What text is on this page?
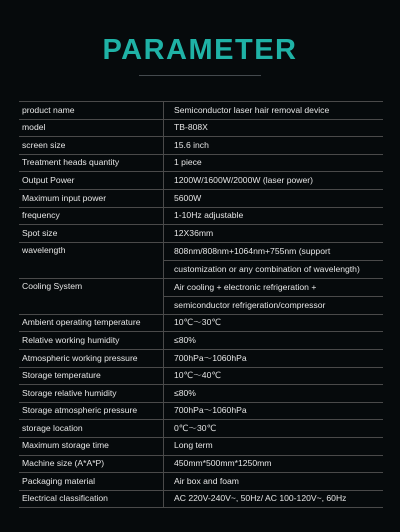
PARAMETER
product name	Semiconductor laser hair removal device
model	TB-808X
screen size	15.6 inch
Treatment heads quantity	1 piece
Output Power	1200W/1600W/2000W (laser power)
Maximum input power	5600W
frequency	1-10Hz adjustable
Spot size	12X36mm
wavelength	808nm/808nm+1064nm+755nm (support
	customization or any combination of wavelength)
Cooling System	Air cooling + electronic refrigeration +
	semiconductor refrigeration/compressor
Ambient operating temperature	10℃～30℃
Relative working humidity	≤80%
Atmospheric working pressure	700hPa～1060hPa
Storage temperature	10℃～40℃
Storage relative humidity	≤80%
Storage atmospheric pressure	700hPa～1060hPa
storage location	0℃～30℃
Maximum storage time	Long term
Machine size (A*A*P)	450mm*500mm*1250mm
Packaging material	Air box and foam
Electrical classification	AC 220V-240V~, 50Hz/ AC 100-120V~, 60Hz
